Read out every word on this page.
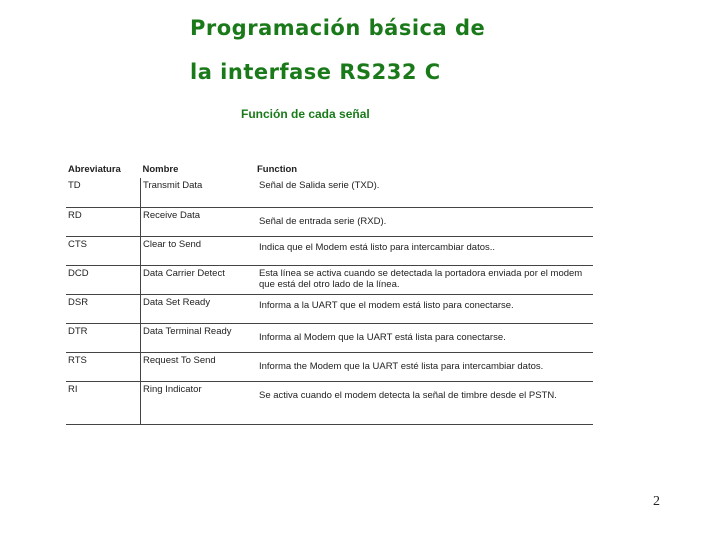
Programación básica de
la interfase RS232 C

Función de cada señal

Abreviatura	Nombre	Function
TD	Transmit Data	Señal de Salida serie (TXD).
RD	Receive Data	Señal de entrada serie (RXD).
CTS	Clear to Send	Indica que el Modem está listo para intercambiar datos..
DCD	Data Carrier Detect	Esta línea se activa cuando se detectada la portadora enviada por el modem que está del otro lado de la línea.
DSR	Data Set Ready	Informa a la UART que el modem está listo para conectarse.
DTR	Data Terminal Ready	Informa al Modem que la UART está lista para conectarse.
RTS	Request To Send	Informa the Modem que la UART esté lista para intercambiar datos.
RI	Ring Indicator	Se activa cuando el modem detecta la señal de timbre desde el PSTN.
2
